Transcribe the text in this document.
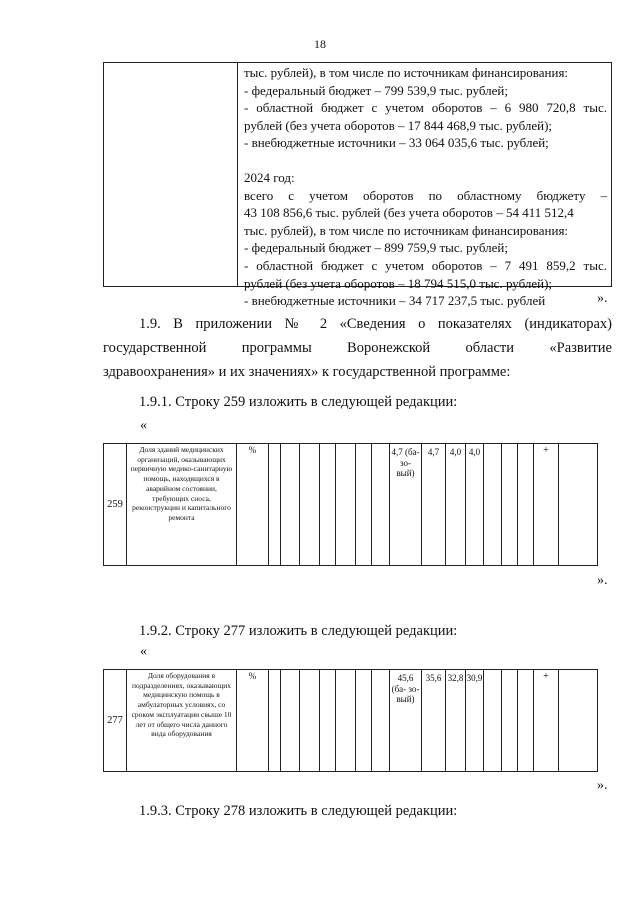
18
тыс. рублей), в том числе по источникам финансирования:
- федеральный бюджет – 799 539,9 тыс. рублей;
- областной бюджет с учетом оборотов – 6 980 720,8 тыс.
рублей (без учета оборотов – 17 844 468,9 тыс. рублей);
- внебюджетные источники – 33 064 035,6 тыс. рублей;
2024 год:
всего с учетом оборотов по областному бюджету –
43 108 856,6 тыс. рублей (без учета оборотов – 54 411 512,4
тыс. рублей), в том числе по источникам финансирования:
- федеральный бюджет – 899 759,9 тыс. рублей;
- областной бюджет с учетом оборотов – 7 491 859,2 тыс.
рублей (без учета оборотов – 18 794 515,0 тыс. рублей);
- внебюджетные источники – 34 717 237,5 тыс. рублей	».
1.9. В приложении № 2 «Сведения о показателях (индикаторах)
государственной программы Воронежской области «Развитие
здравоохранения» и их значениях» к государственной программе:
1.9.1. Строку 259 изложить в следующей редакции:
«
259	Доля зданий медицинских организаций, оказывающих первичную медико-санитарную помощь, находящихся в аварийном состоянии, требующих сноса, реконструкции и капитального ремонта	%								4,7 (ба- зо- вый)	4,7	4,0	4,0				+	
».
1.9.2. Строку 277 изложить в следующей редакции:
«
277	Доля оборудования в подразделениях, оказывающих медицинскую помощь в амбулаторных условиях, со сроком эксплуатации свыше 10 лет от общего числа данного вида оборудования	%								45,6 (ба- зо- вый)	35,6	32,8	30,9				+	
».
1.9.3. Строку 278 изложить в следующей редакции:
